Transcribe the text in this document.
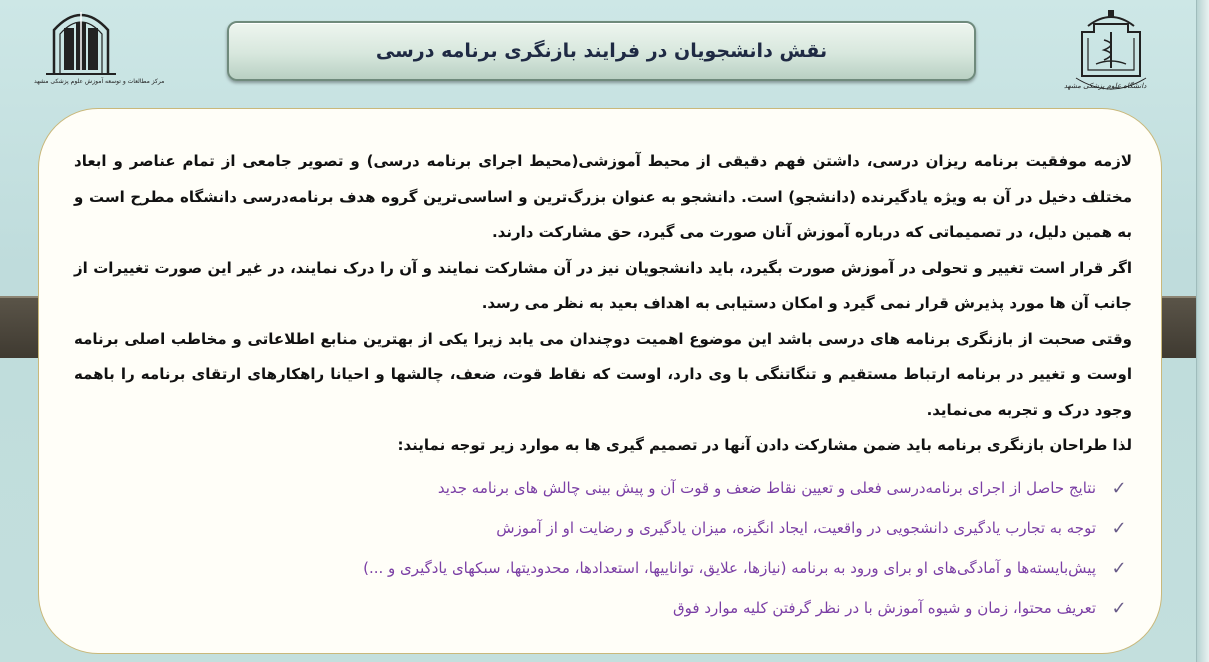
دانشگاه علوم پزشکی مشهد
مرکز مطالعات و توسعه آموزش علوم پزشکی مشهد
نقش دانشجویان در فرایند بازنگری برنامه درسی

لازمه موفقیت برنامه ریزان درسی، داشتن فهم دقیقی از محیط آموزشی(محیط اجرای برنامه درسی) و تصویر جامعی از تمام عناصر و ابعاد مختلف دخیل در آن به ویژه یادگیرنده (دانشجو) است. دانشجو به عنوان بزرگ‌ترین و اساسی‌ترین گروه هدف برنامه‌درسی دانشگاه مطرح است و به همین دلیل، در تصمیماتی که درباره آموزش آنان صورت می گیرد، حق مشارکت دارند.

اگر قرار است تغییر و تحولی در آموزش صورت بگیرد، باید دانشجویان نیز در آن مشارکت نمایند و آن را درک نمایند، در غیر این صورت تغییرات از جانب آن ها مورد پذیرش قرار نمی گیرد و امکان دستیابی به اهداف بعید به نظر می رسد.

وقتی صحبت از بازنگری برنامه های درسی باشد این موضوع اهمیت دوچندان می یابد زیرا یکی از بهترین منابع اطلاعاتی و مخاطب اصلی برنامه اوست و تغییر در برنامه ارتباط مستقیم و تنگاتنگی با وی دارد، اوست که نقاط قوت، ضعف، چالشها و احیانا راهکارهای ارتقای برنامه را باهمه وجود درک و تجربه می‌نماید.

لذا طراحان بازنگری برنامه باید ضمن مشارکت دادن آنها در تصمیم گیری ها به موارد زیر توجه نمایند:

✓
نتایج حاصل از اجرای برنامه‌درسی فعلی و تعیین نقاط ضعف و قوت آن و پیش بینی چالش های برنامه جدید
✓
توجه به تجارب یادگیری دانشجویی در واقعیت، ایجاد انگیزه، میزان یادگیری و رضایت او از آموزش
✓
پیش‌بایسته‌ها و آمادگی‌های او برای ورود به برنامه (نیازها، علایق، تواناییها، استعدادها، محدودیتها، سبکهای یادگیری و ...)
✓
تعریف محتوا، زمان و شیوه آموزش با در نظر گرفتن کلیه موارد فوق
